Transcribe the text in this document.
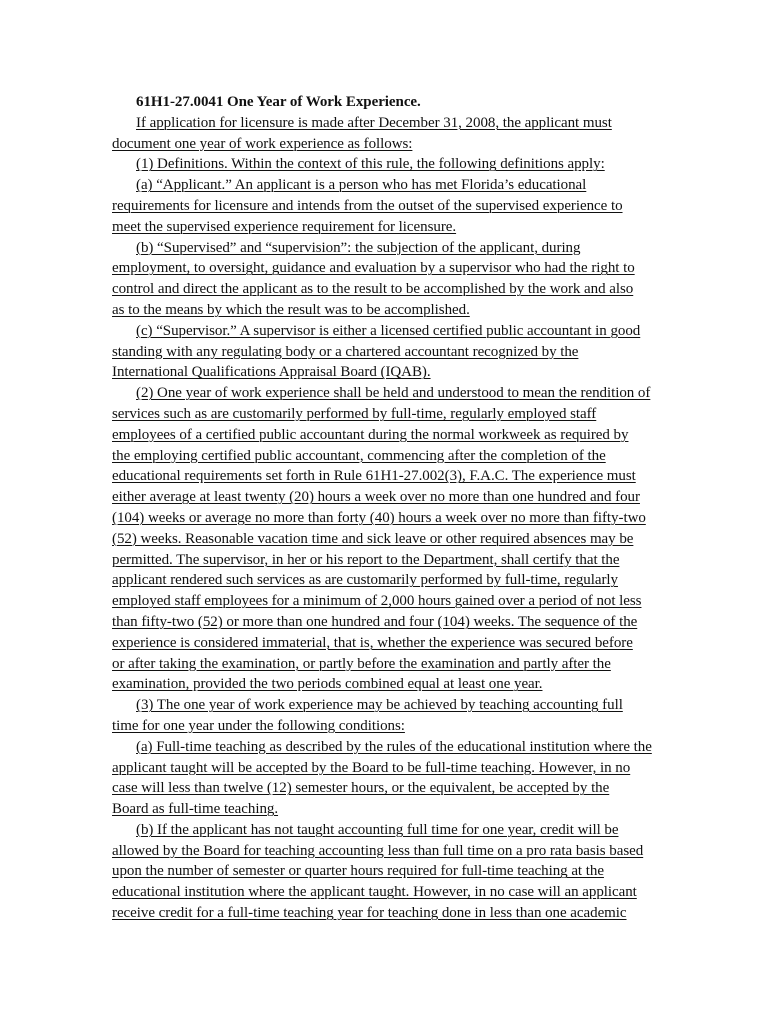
61H1-27.0041 One Year of Work Experience.
If application for licensure is made after December 31, 2008, the applicant must
document one year of work experience as follows:
(1) Definitions. Within the context of this rule, the following definitions apply:
(a) “Applicant.” An applicant is a person who has met Florida’s educational
requirements for licensure and intends from the outset of the supervised experience to
meet the supervised experience requirement for licensure.
(b) “Supervised” and “supervision”: the subjection of the applicant, during
employment, to oversight, guidance and evaluation by a supervisor who had the right to
control and direct the applicant as to the result to be accomplished by the work and also
as to the means by which the result was to be accomplished.
(c) “Supervisor.” A supervisor is either a licensed certified public accountant in good
standing with any regulating body or a chartered accountant recognized by the
International Qualifications Appraisal Board (IQAB).
(2) One year of work experience shall be held and understood to mean the rendition of
services such as are customarily performed by full-time, regularly employed staff
employees of a certified public accountant during the normal workweek as required by
the employing certified public accountant, commencing after the completion of the
educational requirements set forth in Rule 61H1-27.002(3), F.A.C. The experience must
either average at least twenty (20) hours a week over no more than one hundred and four
(104) weeks or average no more than forty (40) hours a week over no more than fifty-two
(52) weeks. Reasonable vacation time and sick leave or other required absences may be
permitted. The supervisor, in her or his report to the Department, shall certify that the
applicant rendered such services as are customarily performed by full-time, regularly
employed staff employees for a minimum of 2,000 hours gained over a period of not less
than fifty-two (52) or more than one hundred and four (104) weeks. The sequence of the
experience is considered immaterial, that is, whether the experience was secured before
or after taking the examination, or partly before the examination and partly after the
examination, provided the two periods combined equal at least one year.
(3) The one year of work experience may be achieved by teaching accounting full
time for one year under the following conditions:
(a) Full-time teaching as described by the rules of the educational institution where the
applicant taught will be accepted by the Board to be full-time teaching. However, in no
case will less than twelve (12) semester hours, or the equivalent, be accepted by the
Board as full-time teaching.
(b) If the applicant has not taught accounting full time for one year, credit will be
allowed by the Board for teaching accounting less than full time on a pro rata basis based
upon the number of semester or quarter hours required for full-time teaching at the
educational institution where the applicant taught. However, in no case will an applicant
receive credit for a full-time teaching year for teaching done in less than one academic
